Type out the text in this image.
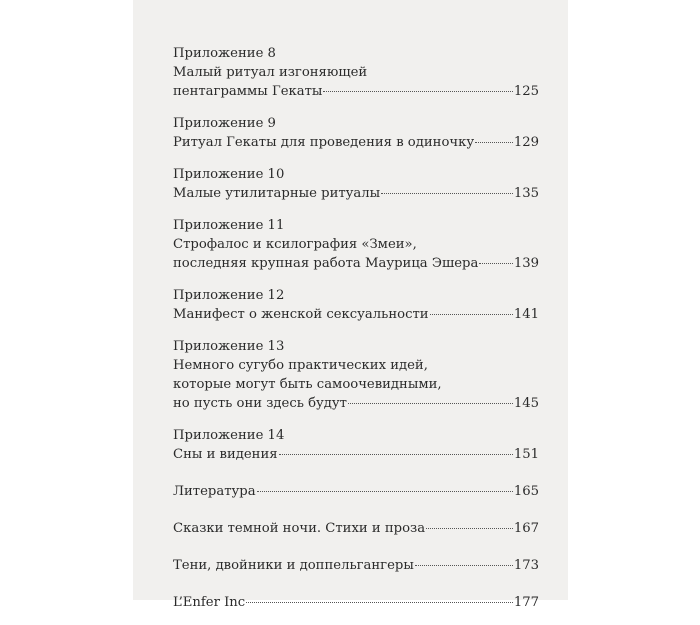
Приложение 8
Малый ритуал изгоняющей
пентаграммы Гекаты	125
Приложение 9
Ритуал Гекаты для проведения в одиночку	129
Приложение 10
Малые утилитарные ритуалы	135
Приложение 11
Строфалос и ксилография «Змеи»,
последняя крупная работа Маурица Эшера	139
Приложение 12
Манифест о женской сексуальности	141
Приложение 13
Немного сугубо практических идей,
которые могут быть самоочевидными,
но пусть они здесь будут	145
Приложение 14
Сны и видения	151
Литература	165
Сказки темной ночи. Стихи и проза	167
Тени, двойники и доппельгангеры	173
L’Enfer Inc	177
